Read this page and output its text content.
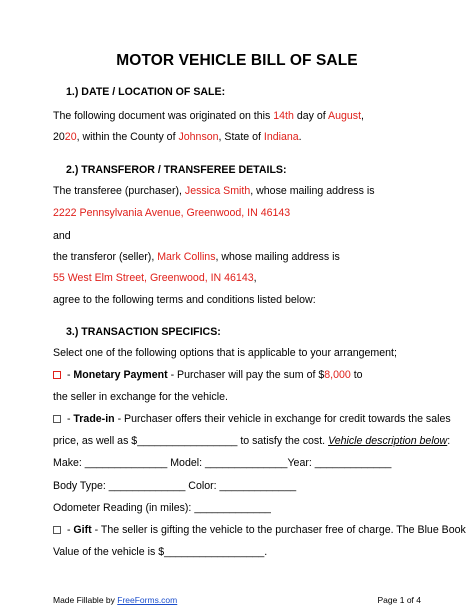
MOTOR VEHICLE BILL OF SALE
1.) DATE / LOCATION OF SALE:
The following document was originated on this 14th day of August,
2020, within the County of Johnson, State of Indiana.
2.) TRANSFEROR / TRANSFEREE DETAILS:
The transferee (purchaser), Jessica Smith, whose mailing address is
2222 Pennsylvania Avenue, Greenwood, IN 46143
and
the transferor (seller), Mark Collins, whose mailing address is
55 West Elm Street, Greenwood, IN 46143,
agree to the following terms and conditions listed below:
3.) TRANSACTION SPECIFICS:
Select one of the following options that is applicable to your arrangement;
- Monetary Payment - Purchaser will pay the sum of $8,000 to
the seller in exchange for the vehicle.
- Trade-in - Purchaser offers their vehicle in exchange for credit towards the sales
price, as well as $_________________ to satisfy the cost. Vehicle description below:
Make: ______________ Model: ______________Year: _____________
Body Type: _____________ Color: _____________
Odometer Reading (in miles): _____________
- Gift - The seller is gifting the vehicle to the purchaser free of charge. The Blue Book
Value of the vehicle is $_________________.
Made Fillable by FreeForms.com	Page 1 of 4
